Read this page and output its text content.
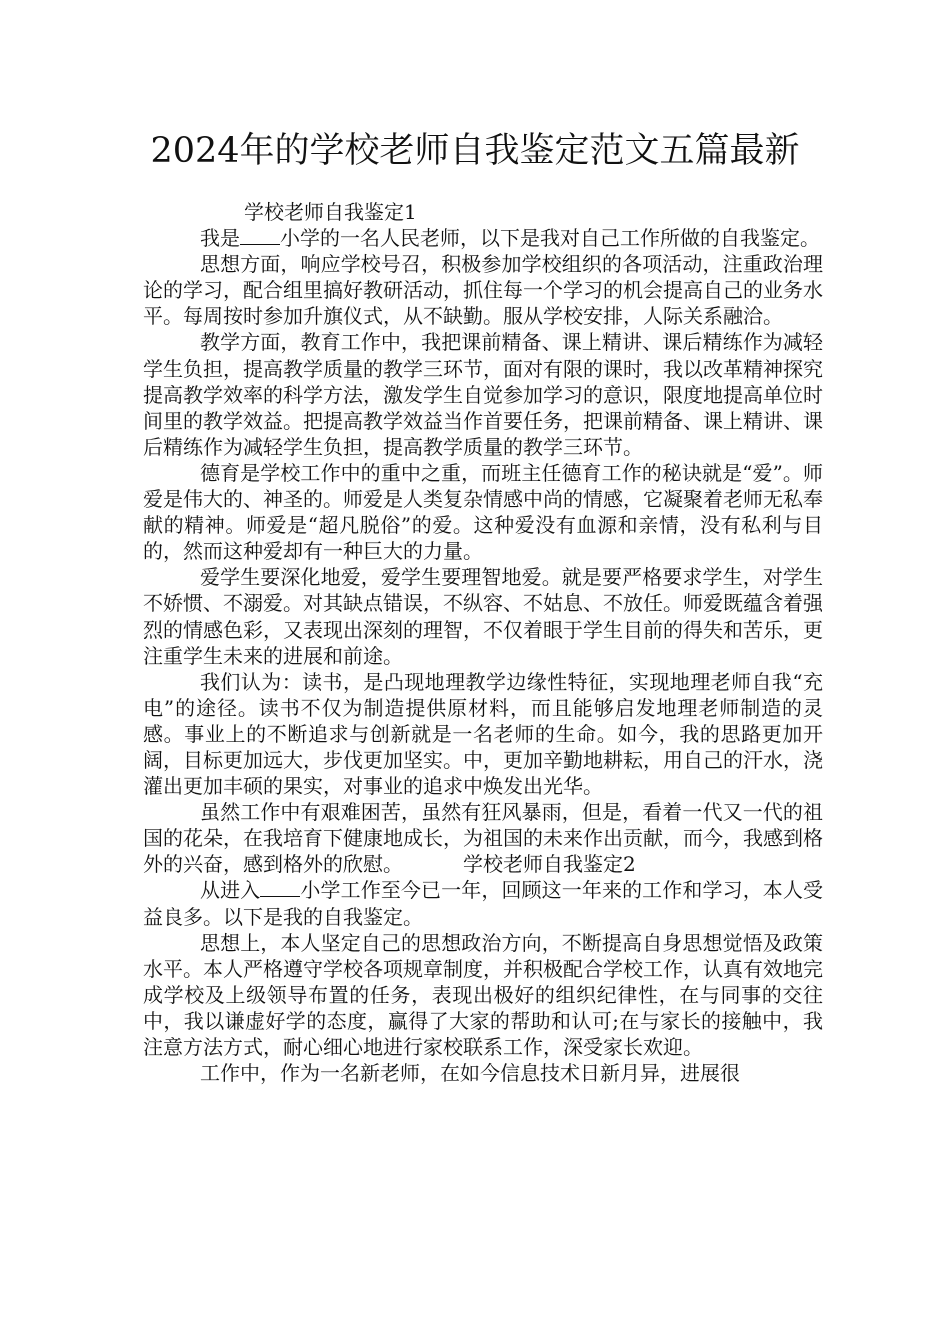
2024年的学校老师自我鉴定范文五篇最新

学校老师自我鉴定1

我是 小学的一名人民老师，以下是我对自己工作所做的自我鉴定。

思想方面，响应学校号召，积极参加学校组织的各项活动，注重政治理论的学习，配合组里搞好教研活动，抓住每一个学习的机会提高自己的业务水平。每周按时参加升旗仪式，从不缺勤。服从学校安排，人际关系融洽。

教学方面，教育工作中，我把课前精备、课上精讲、课后精练作为减轻学生负担，提高教学质量的教学三环节，面对有限的课时，我以改革精神探究提高教学效率的科学方法，激发学生自觉参加学习的意识，限度地提高单位时间里的教学效益。把提高教学效益当作首要任务，把课前精备、课上精讲、课后精练作为减轻学生负担，提高教学质量的教学三环节。

德育是学校工作中的重中之重，而班主任德育工作的秘诀就是“爱”。师爱是伟大的、神圣的。师爱是人类复杂情感中尚的情感，它凝聚着老师无私奉献的精神。师爱是“超凡脱俗”的爱。这种爱没有血源和亲情，没有私利与目的，然而这种爱却有一种巨大的力量。

爱学生要深化地爱，爱学生要理智地爱。就是要严格要求学生，对学生不娇惯、不溺爱。对其缺点错误，不纵容、不姑息、不放任。师爱既蕴含着强烈的情感色彩，又表现出深刻的理智，不仅着眼于学生目前的得失和苦乐，更注重学生未来的进展和前途。

我们认为：读书，是凸现地理教学边缘性特征，实现地理老师自我“充电”的途径。读书不仅为制造提供原材料，而且能够启发地理老师制造的灵感。事业上的不断追求与创新就是一名老师的生命。如今，我的思路更加开阔，目标更加远大，步伐更加坚实。中，更加辛勤地耕耘，用自己的汗水，浇灌出更加丰硕的果实，对事业的追求中焕发出光华。

虽然工作中有艰难困苦，虽然有狂风暴雨，但是，看着一代又一代的祖国的花朵，在我培育下健康地成长，为祖国的未来作出贡献，而今，我感到格外的兴奋，感到格外的欣慰。	学校老师自我鉴定2

从进入 小学工作至今已一年，回顾这一年来的工作和学习，本人受益良多。以下是我的自我鉴定。

思想上，本人坚定自己的思想政治方向，不断提高自身思想觉悟及政策水平。本人严格遵守学校各项规章制度，并积极配合学校工作，认真有效地完成学校及上级领导布置的任务，表现出极好的组织纪律性，在与同事的交往中，我以谦虚好学的态度，赢得了大家的帮助和认可;在与家长的接触中，我注意方法方式，耐心细心地进行家校联系工作，深受家长欢迎。

工作中，作为一名新老师，在如今信息技术日新月异，进展很
